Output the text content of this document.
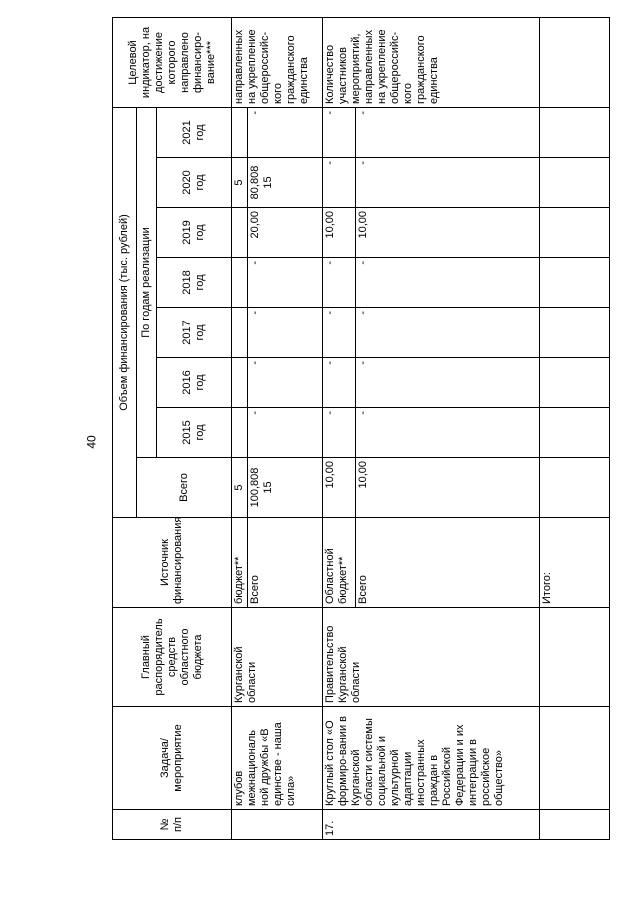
40
№ п/п	Задача/ мероприятие	Главный распорядитель средств областного бюджета	Источник финансирования	Объем финансирования (тыс. рублей)								Целевой индикатор, на достижение которого направлено финансиро-вание***
				Всего	По годам реализации							
					2015 год	2016 год	2017 год	2018 год	2019 год	2020 год	2021 год	
	клубов межнациональ ной дружбы «В единстве - наша сила»	Курганской области	бюджет**	5						5		направленных на укрепление общероссийс-кого гражданского единства
			Всего	100,808 15	-	-	-	-	20,00	80,808 15	-	
17.	Круглый стол «О формиро-вании в Курганской области системы социальной и культурной адаптации иностранных граждан в Российской Федерации и их интеграции в российское общество»	Правительство Курганской области	Областной бюджет**	10,00	-	-	-	-	10,00	-	-	Количество участников мероприятий, направленных на укрепление общероссийс-кого гражданского единства
			Всего	10,00	-	-	-	-	10,00	-	-	
			Итого:									
